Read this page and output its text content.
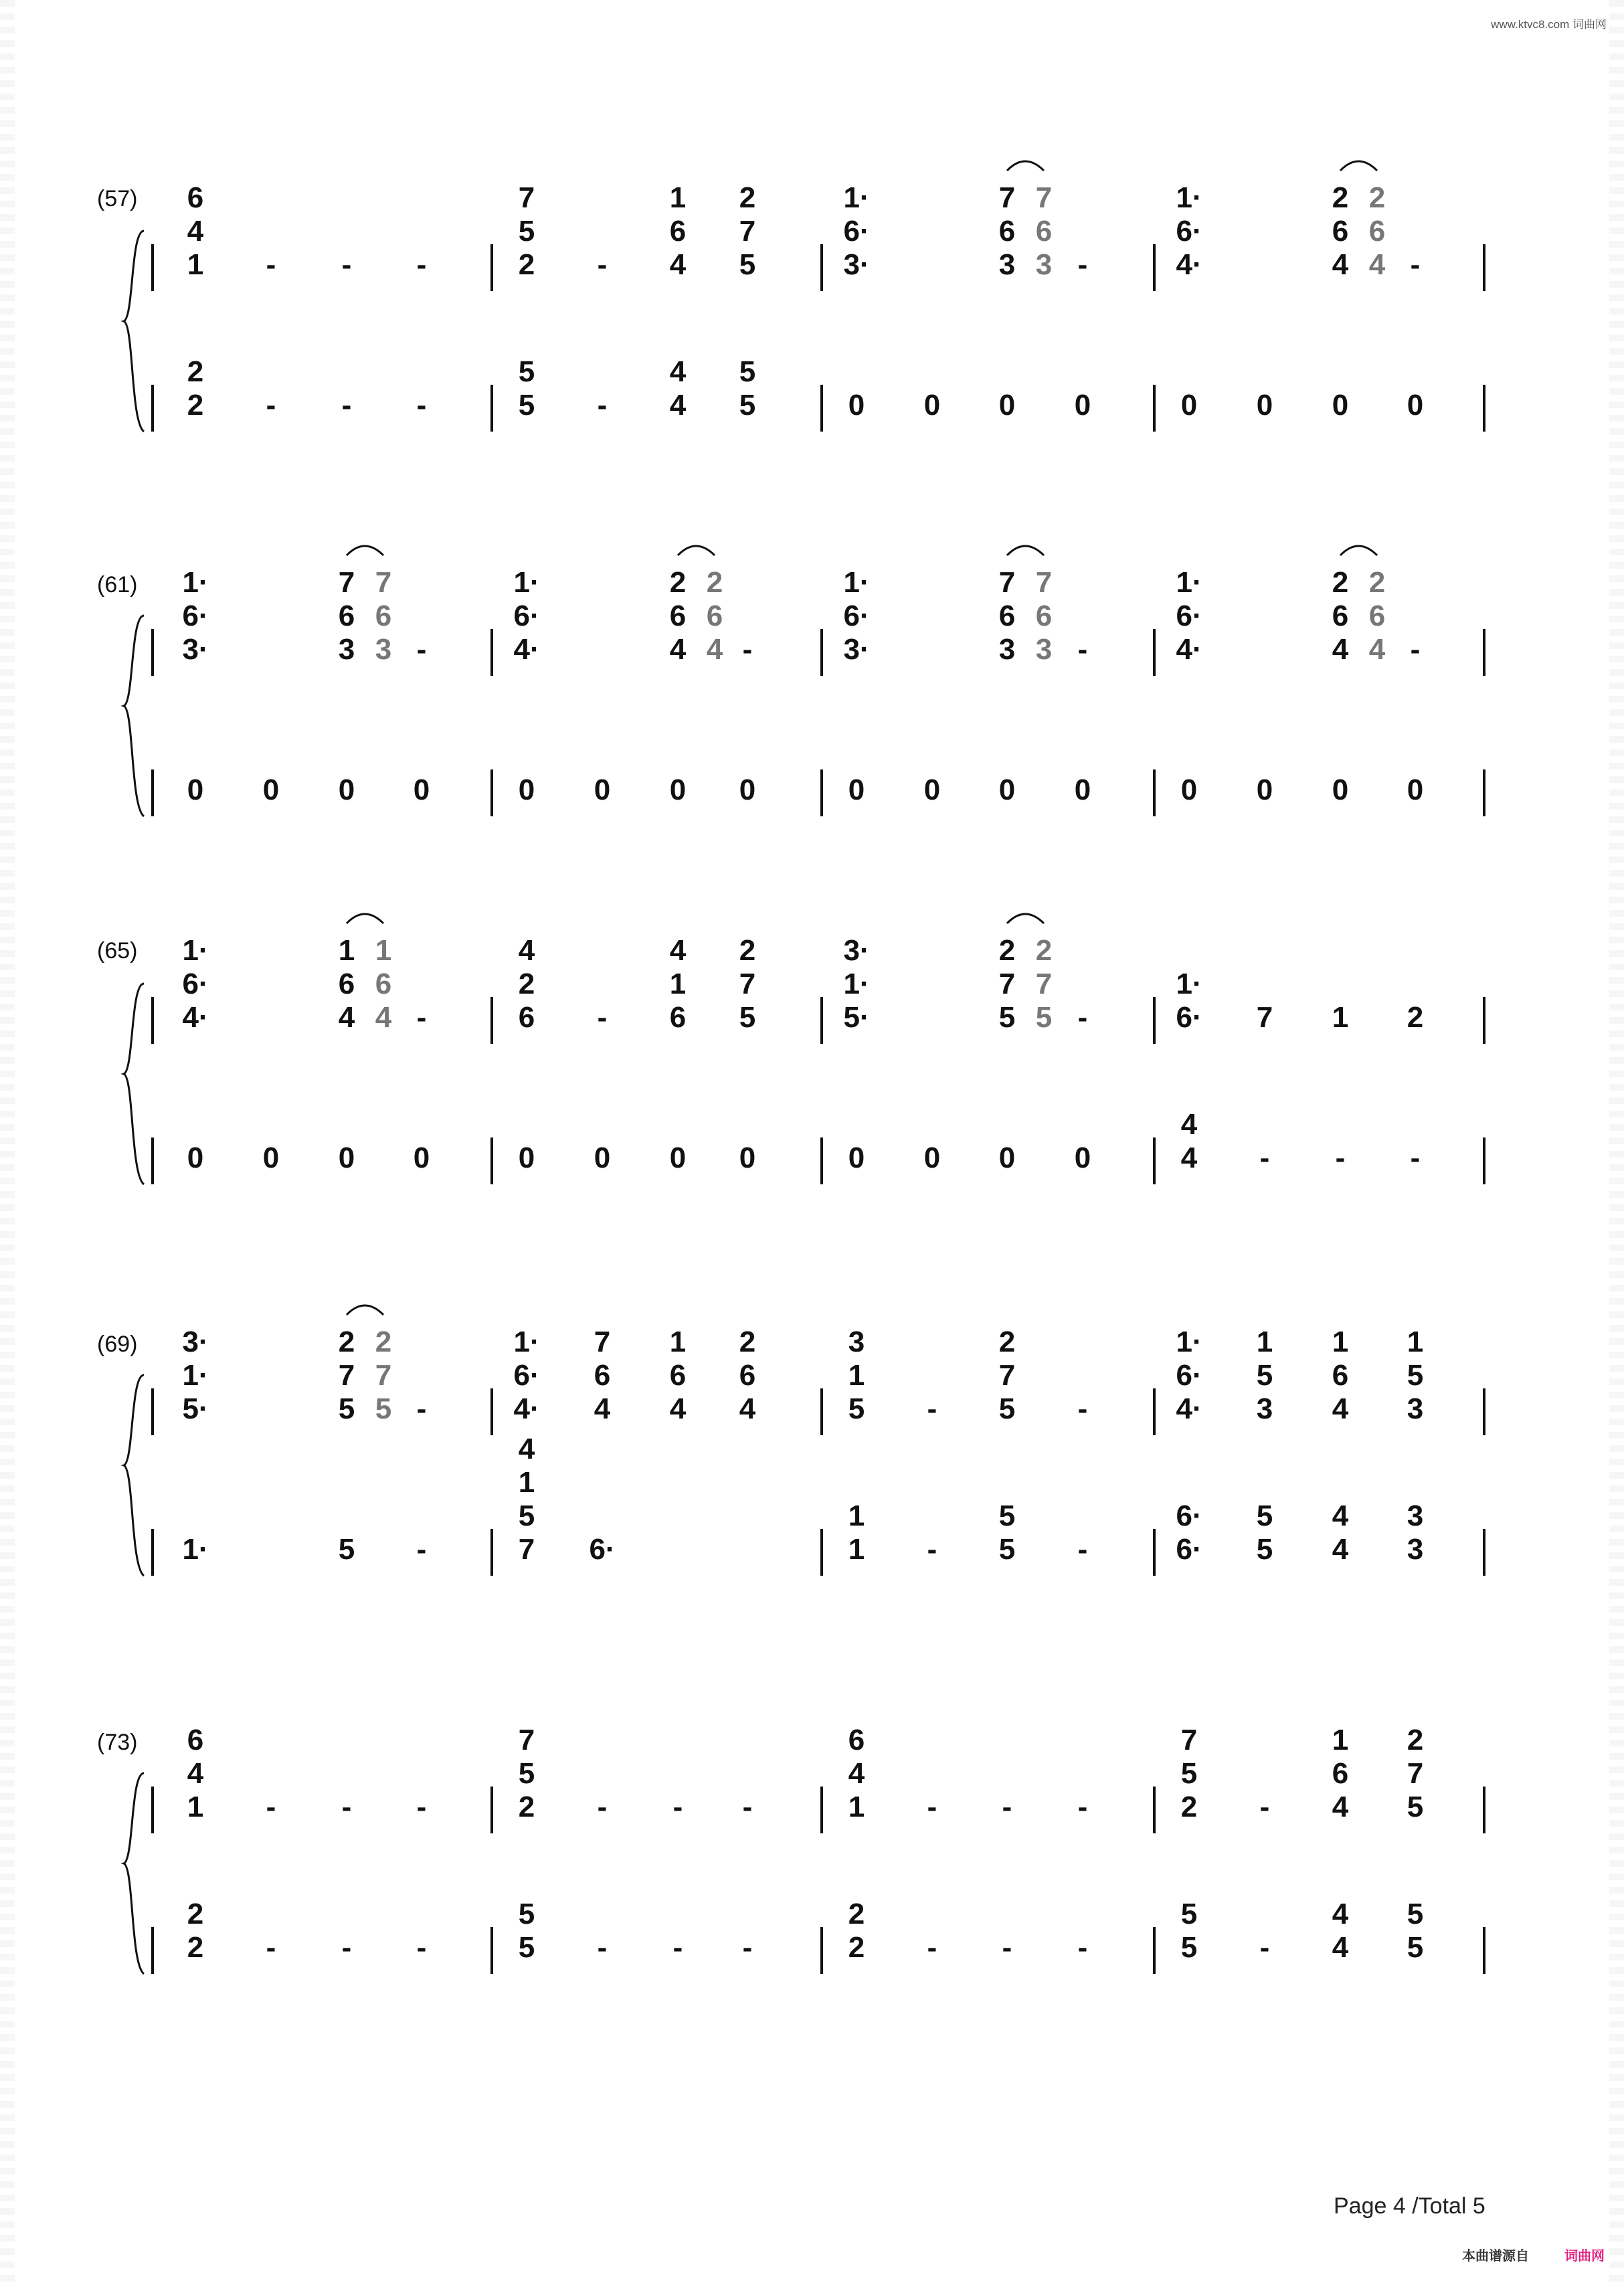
www.ktvc8.com 词曲网
(57)
(61)
(65)
(69)
(73)
1
4
6
- - -
2
2
- - -
2
5
7
- 4
6
1
5
7
2
5
5
- 4
4
5
5
3·
6·
1·
3
6
7
-
3
6
7
0 0 0 0
4·
6·
1·
4
6
2
-
4
6
2
0 0 0 0
3·
6·
1·
3
6
7
-
3
6
7
0 0 0 0
4·
6·
1·
4
6
2
-
4
6
2
0 0 0 0
3·
6·
1·
3
6
7
-
3
6
7
0 0 0 0
4·
6·
1·
4
6
2
-
4
6
2
0 0 0 0
4·
6·
1·
4
6
1
-
4
6
1
0 0 0 0
6
2
4
- 6
1
4
5
7
2
0 0 0 0
5·
1·
3·
5
7
2
-
5
7
2
0 0 0 0
6·
1·
7 1 2
4
4
- - -
5·
1·
3·
5
7
2
-
5
7
2
1·	5 -
4·
6·
1·
4
6
7
4
6
1
4
6
2
7
5
1
4
6·
5
1
3
- 5
7
2
-
1
1
- 5
5
-
4·
6·
1·
3
5
1
4
6
1
3
5
1
6·
6·
5
5
4
4
3
3
1
4
6
- - -
2
2
- - -
2
5
7
- - -
5
5
- - -
1
4
6
- - -
2
2
- - -
2
5
7
- 4
6
1
5
7
2
5
5
- 4
4
5
5
Page 4 /Total 5
本曲谱源自	词曲网
